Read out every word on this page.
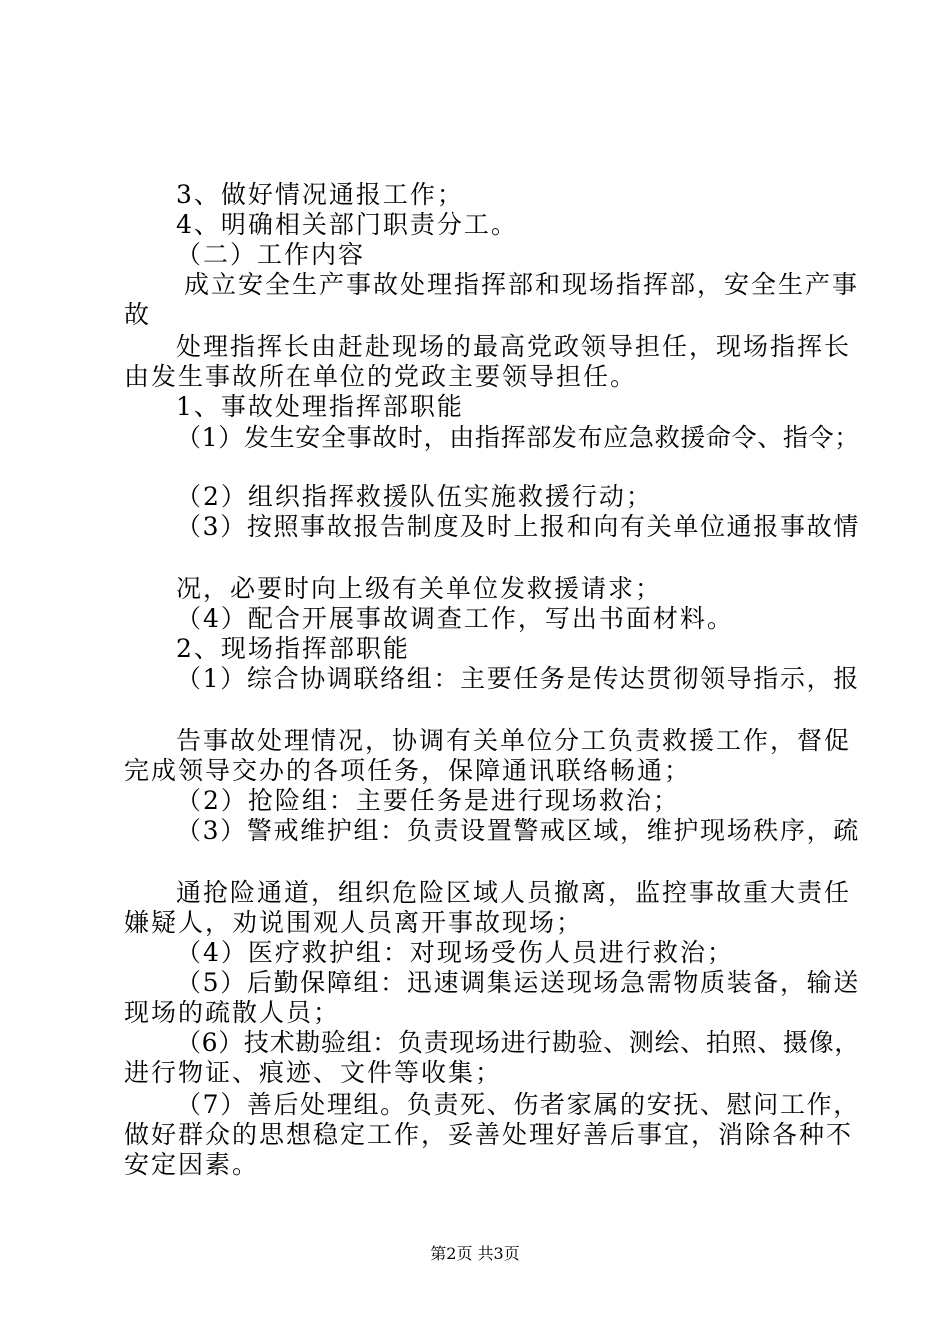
3、做好情况通报工作；
4、明确相关部门职责分工。
（二）工作内容
成立安全生产事故处理指挥部和现场指挥部，安全生产事
故
处理指挥长由赶赴现场的最高党政领导担任，现场指挥长
由发生事故所在单位的党政主要领导担任。
1、事故处理指挥部职能
（1）发生安全事故时，由指挥部发布应急救援命令、指令；
（2）组织指挥救援队伍实施救援行动；
（3）按照事故报告制度及时上报和向有关单位通报事故情
况，必要时向上级有关单位发救援请求；
（4）配合开展事故调查工作，写出书面材料。
2、现场指挥部职能
（1）综合协调联络组：主要任务是传达贯彻领导指示，报
告事故处理情况，协调有关单位分工负责救援工作，督促
完成领导交办的各项任务，保障通讯联络畅通；
（2）抢险组：主要任务是进行现场救治；
（3）警戒维护组：负责设置警戒区域，维护现场秩序，疏
通抢险通道，组织危险区域人员撤离，监控事故重大责任
嫌疑人，劝说围观人员离开事故现场；
（4）医疗救护组：对现场受伤人员进行救治；
（5）后勤保障组：迅速调集运送现场急需物质装备，输送
现场的疏散人员；
（6）技术勘验组：负责现场进行勘验、测绘、拍照、摄像，
进行物证、痕迹、文件等收集；
（7）善后处理组。负责死、伤者家属的安抚、慰问工作，
做好群众的思想稳定工作，妥善处理好善后事宜，消除各种不
安定因素。
第2页 共3页
